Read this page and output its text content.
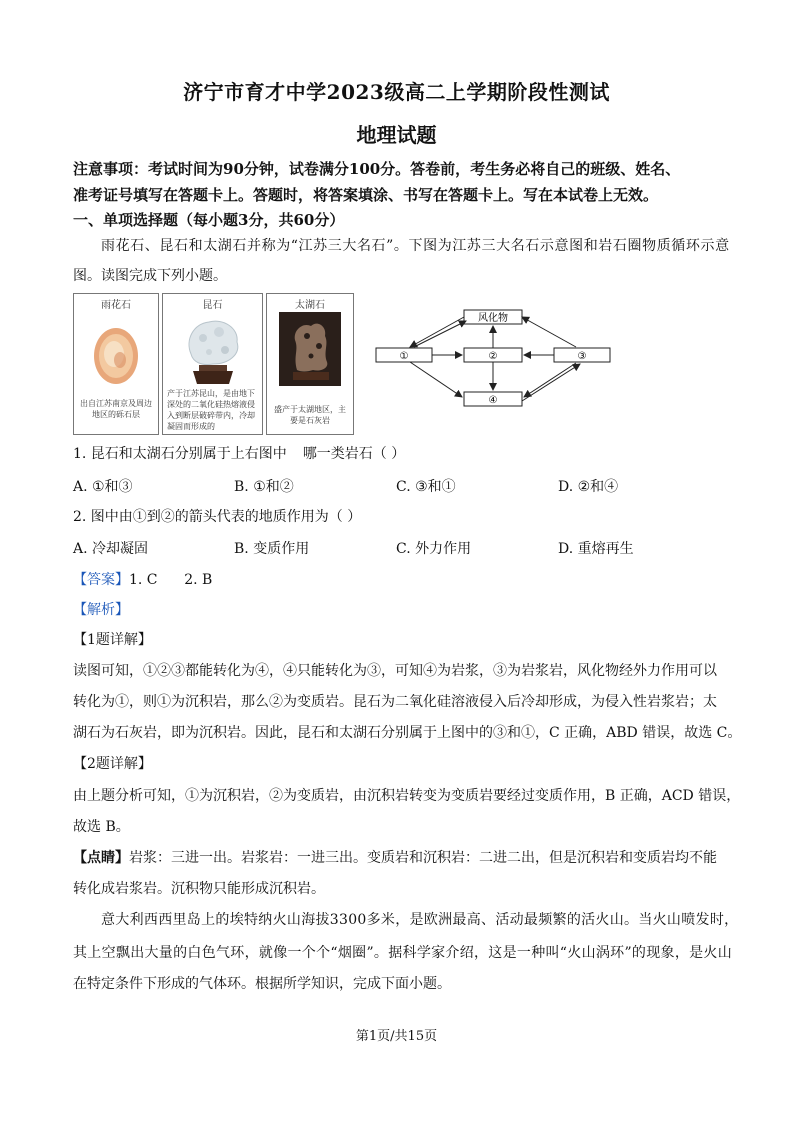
济宁市育才中学2023级高二上学期阶段性测试
地理试题
注意事项：考试时间为90分钟，试卷满分100分。答卷前，考生务必将自己的班级、姓名、
准考证号填写在答题卡上。答题时，将答案填涂、书写在答题卡上。写在本试卷上无效。
一、单项选择题（每小题3分，共60分）
雨花石、昆石和太湖石并称为“江苏三大名石”。下图为江苏三大名石示意图和岩石圈物质循环示意
图。读图完成下列小题。
雨花石
出自江苏南京及周边地区的砾石层
昆石
产于江苏昆山，是由地下深处的二氧化硅热熔液侵入到断层破碎带内，冷却凝固而形成的
太湖石
盛产于太湖地区，主要是石灰岩
风化物
①	②	③
④
1. 昆石和太湖石分别属于上右图中 哪一类岩石（ ）
A. ①和③	B. ①和②	C. ③和①	D. ②和④
2. 图中由①到②的箭头代表的地质作用为（ ）
A. 冷却凝固	B. 变质作用	C. 外力作用	D. 重熔再生
【答案】1. C      2. B
【解析】
【1题详解】
读图可知，①②③都能转化为④，④只能转化为③，可知④为岩浆，③为岩浆岩，风化物经外力作用可以
转化为①，则①为沉积岩，那么②为变质岩。昆石为二氧化硅溶液侵入后冷却形成，为侵入性岩浆岩；太
湖石为石灰岩，即为沉积岩。因此，昆石和太湖石分别属于上图中的③和①，C 正确，ABD 错误，故选 C。
【2题详解】
由上题分析可知，①为沉积岩，②为变质岩，由沉积岩转变为变质岩要经过变质作用，B 正确，ACD 错误，
故选 B。
【点睛】岩浆：三进一出。岩浆岩：一进三出。变质岩和沉积岩：二进二出，但是沉积岩和变质岩均不能
转化成岩浆岩。沉积物只能形成沉积岩。
意大利西西里岛上的埃特纳火山海拔3300多米，是欧洲最高、活动最频繁的活火山。当火山喷发时，
其上空飘出大量的白色气环，就像一个个“烟圈”。据科学家介绍，这是一种叫“火山涡环”的现象，是火山
在特定条件下形成的气体环。根据所学知识，完成下面小题。
第1页/共15页
